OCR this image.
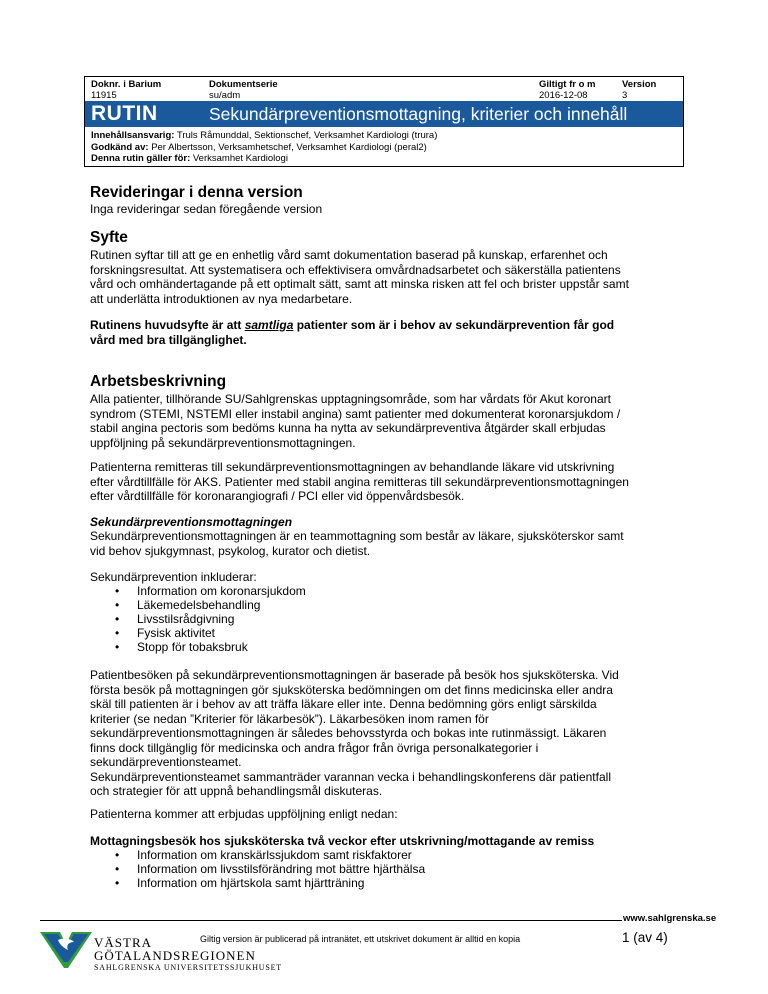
Doknr. i Barium
11915
Dokumentserie
su/adm
Giltigt fr o m
2016-12-08
Version
3
RUTIN	Sekundärpreventionsmottagning, kriterier och innehåll
Innehållsansvarig: Truls Råmunddal, Sektionschef, Verksamhet Kardiologi (trura)
Godkänd av: Per Albertsson, Verksamhetschef, Verksamhet Kardiologi (peral2)
Denna rutin gäller för: Verksamhet Kardiologi
Revideringar i denna version

Inga revideringar sedan föregående version

Syfte
Rutinen syftar till att ge en enhetlig vård samt dokumentation baserad på kunskap, erfarenhet och
forskningsresultat. Att systematisera och effektivisera omvårdnadsarbetet och säkerställa patientens
vård och omhändertagande på ett optimalt sätt, samt att minska risken att fel och brister uppstår samt
att underlätta introduktionen av nya medarbetare.
Rutinens huvudsyfte är att samtliga patienter som är i behov av sekundärprevention får god
vård med bra tillgänglighet.
Arbetsbeskrivning
Alla patienter, tillhörande SU/Sahlgrenskas upptagningsområde, som har vårdats för Akut koronart
syndrom (STEMI, NSTEMI eller instabil angina) samt patienter med dokumenterat koronarsjukdom /
stabil angina pectoris som bedöms kunna ha nytta av sekundärpreventiva åtgärder skall erbjudas
uppföljning på sekundärpreventionsmottagningen.
Patienterna remitteras till sekundärpreventionsmottagningen av behandlande läkare vid utskrivning
efter vårdtillfälle för AKS. Patienter med stabil angina remitteras till sekundärpreventionsmottagningen
efter vårdtillfälle för koronarangiografi / PCI eller vid öppenvårdsbesök.
Sekundärpreventionsmottagningen
Sekundärpreventionsmottagningen är en teammottagning som består av läkare, sjuksköterskor samt
vid behov sjukgymnast, psykolog, kurator och dietist.
Sekundärprevention inkluderar:
• Information om koronarsjukdom
• Läkemedelsbehandling
• Livsstilsrådgivning
• Fysisk aktivitet
• Stopp för tobaksbruk
Patientbesöken på sekundärpreventionsmottagningen är baserade på besök hos sjuksköterska. Vid
första besök på mottagningen gör sjuksköterska bedömningen om det finns medicinska eller andra
skäl till patienten är i behov av att träffa läkare eller inte. Denna bedömning görs enligt särskilda
kriterier (se nedan ”Kriterier för läkarbesök”). Läkarbesöken inom ramen för
sekundärpreventionsmottagningen är således behovsstyrda och bokas inte rutinmässigt. Läkaren
finns dock tillgänglig för medicinska och andra frågor från övriga personalkategorier i
sekundärpreventionsteamet.
Sekundärpreventionsteamet sammanträder varannan vecka i behandlingskonferens där patientfall
och strategier för att uppnå behandlingsmål diskuteras.
Patienterna kommer att erbjudas uppföljning enligt nedan:
Mottagningsbesök hos sjuksköterska två veckor efter utskrivning/mottagande av remiss
• Information om kranskärlssjukdom samt riskfaktorer
• Information om livsstilsförändring mot bättre hjärthälsa
• Information om hjärtskola samt hjärtträning
www.sahlgrenska.se
VÄSTRA
GÖTALANDSREGIONEN
SAHLGRENSKA UNIVERSITETSSJUKHUSET
Giltig version är publicerad på intranätet, ett utskrivet dokument är alltid en kopia	1 (av 4)
